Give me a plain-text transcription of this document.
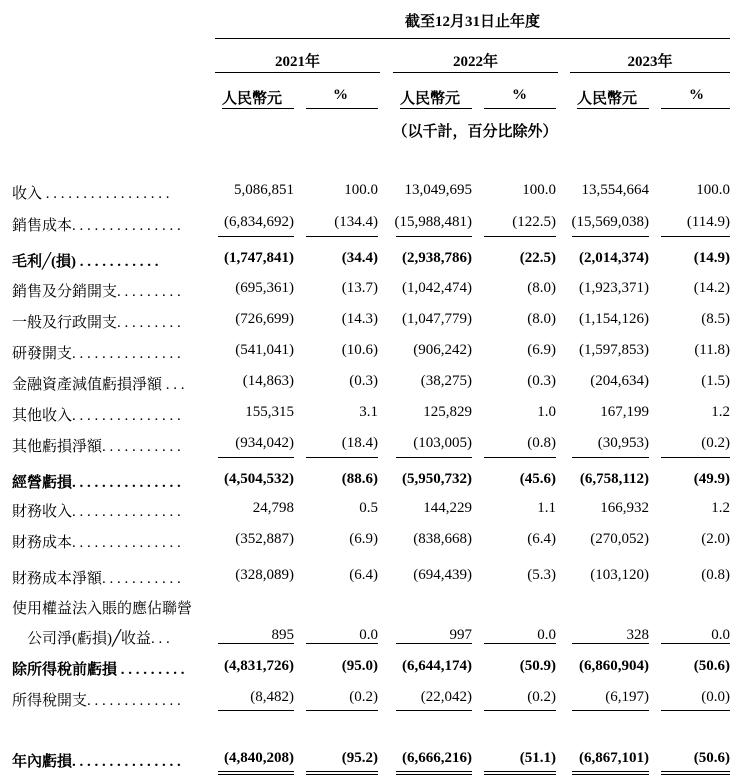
截至12月31日止年度
2021年	2022年	2023年
人民幣元	%	人民幣元	%	人民幣元	%
（以千計，百分比除外）
收入 . . . . . . . . . . . . . . . . .	5,086,851	100.0 13,049,695	100.0 13,554,664	100.0
銷售成本. . . . . . . . . . . . . . .	(6,834,692)	(134.4) (15,988,481)	(122.5) (15,569,038)	(114.9)
毛利╱(損) . . . . . . . . . . .	(1,747,841)	(34.4) (2,938,786)	(22.5) (2,014,374)	(14.9)
銷售及分銷開支. . . . . . . . .	(695,361)	(13.7) (1,042,474)	(8.0) (1,923,371)	(14.2)
一般及行政開支. . . . . . . . .	(726,699)	(14.3) (1,047,779)	(8.0) (1,154,126)	(8.5)
研發開支. . . . . . . . . . . . . . .	(541,041)	(10.6) (906,242)	(6.9) (1,597,853)	(11.8)
金融資產減值虧損淨額 . . .	(14,863)	(0.3)	(38,275)	(0.3) (204,634)	(1.5)
其他收入. . . . . . . . . . . . . . .	155,315	3.1	125,829	1.0	167,199	1.2
其他虧損淨額. . . . . . . . . . .	(934,042)	(18.4) (103,005)	(0.8)	(30,953)	(0.2)
經營虧損. . . . . . . . . . . . . . .	(4,504,532)	(88.6) (5,950,732)	(45.6) (6,758,112)	(49.9)
財務收入. . . . . . . . . . . . . . .	24,798	0.5	144,229	1.1	166,932	1.2
財務成本. . . . . . . . . . . . . . .	(352,887)	(6.9) (838,668)	(6.4) (270,052)	(2.0)
財務成本淨額. . . . . . . . . . .	(328,089)	(6.4) (694,439)	(5.3) (103,120)	(0.8)
使用權益法入賬的應佔聯營
　公司淨(虧損)╱收益. . .	895	0.0	997	0.0	328	0.0
除所得稅前虧損 . . . . . . . . .	(4,831,726)	(95.0) (6,644,174)	(50.9) (6,860,904)	(50.6)
所得稅開支. . . . . . . . . . . . .	(8,482)	(0.2)	(22,042)	(0.2)	(6,197)	(0.0)
年內虧損. . . . . . . . . . . . . . .	(4,840,208)	(95.2) (6,666,216)	(51.1) (6,867,101)	(50.6)
